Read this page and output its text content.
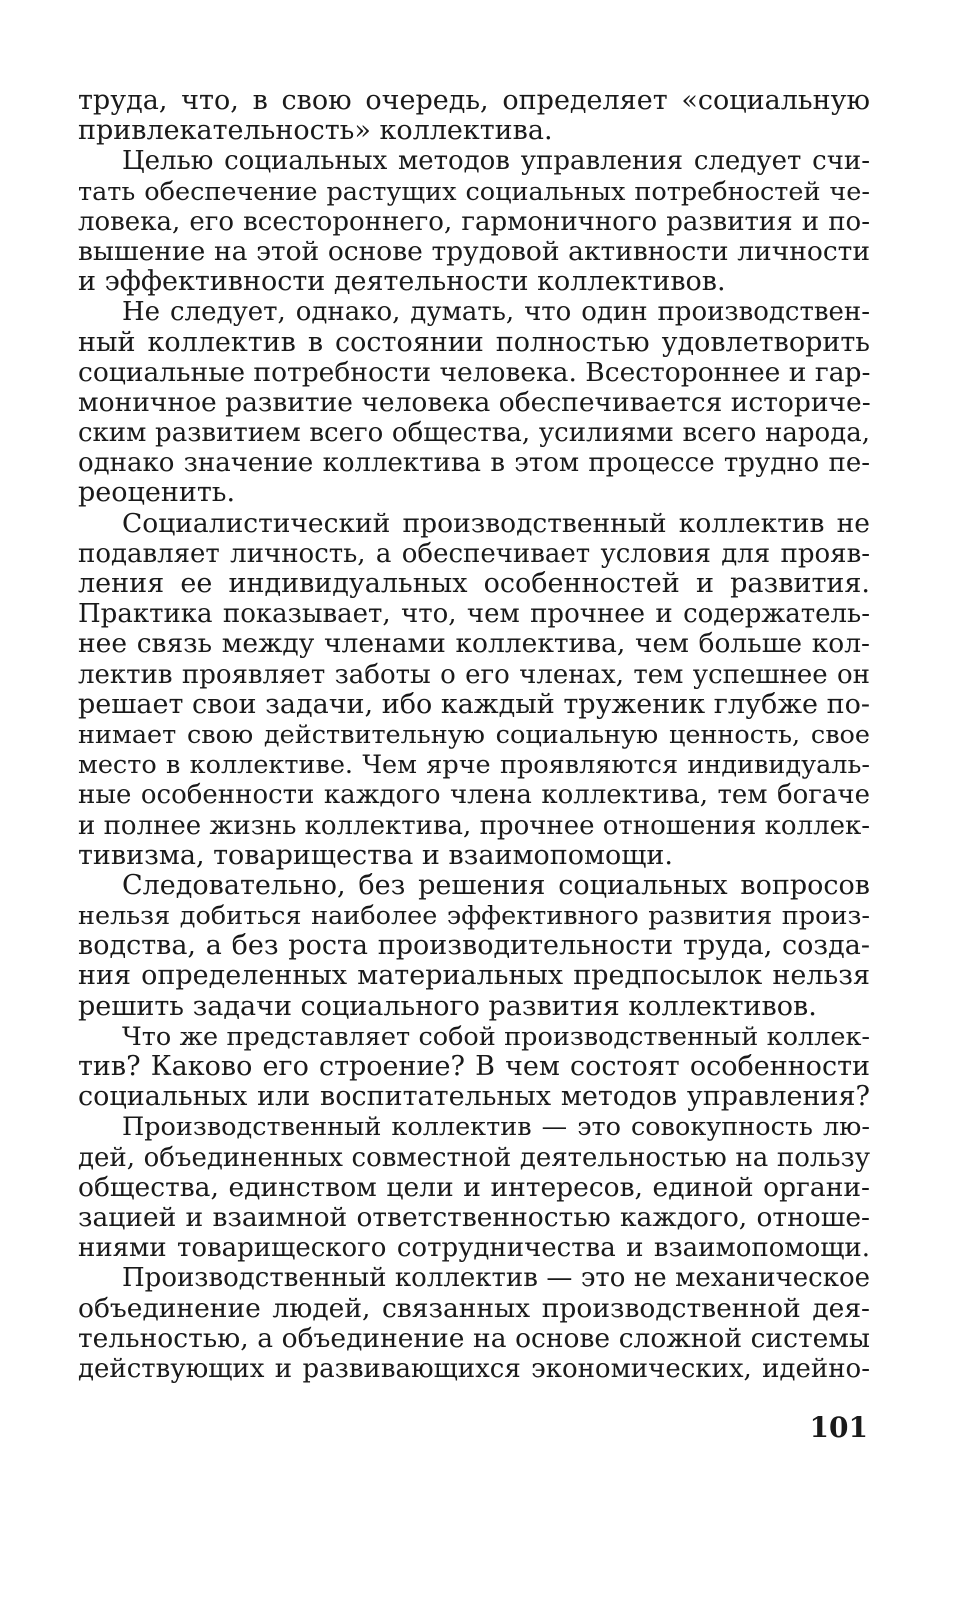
труда, что, в свою очередь, определяет «социальную
привлекательность» коллектива.
Целью социальных методов управления следует счи-
тать обеспечение растущих социальных потребностей че-
ловека, его всестороннего, гармоничного развития и по-
вышение на этой основе трудовой активности личности
и эффективности деятельности коллективов.
Не следует, однако, думать, что один производствен-
ный коллектив в состоянии полностью удовлетворить
социальные потребности человека. Всестороннее и гар-
моничное развитие человека обеспечивается историче-
ским развитием всего общества, усилиями всего народа,
однако значение коллектива в этом процессе трудно пе-
реоценить.
Социалистический производственный коллектив не
подавляет личность, а обеспечивает условия для прояв-
ления ее индивидуальных особенностей и развития.
Практика показывает, что, чем прочнее и содержатель-
нее связь между членами коллектива, чем больше кол-
лектив проявляет заботы о его членах, тем успешнее он
решает свои задачи, ибо каждый труженик глубже по-
нимает свою действительную социальную ценность, свое
место в коллективе. Чем ярче проявляются индивидуаль-
ные особенности каждого члена коллектива, тем богаче
и полнее жизнь коллектива, прочнее отношения коллек-
тивизма, товарищества и взаимопомощи.
Следовательно, без решения социальных вопросов
нельзя добиться наиболее эффективного развития произ-
водства, а без роста производительности труда, созда-
ния определенных материальных предпосылок нельзя
решить задачи социального развития коллективов.
Что же представляет собой производственный коллек-
тив? Каково его строение? В чем состоят особенности
социальных или воспитательных методов управления?
Производственный коллектив — это совокупность лю-
дей, объединенных совместной деятельностью на пользу
общества, единством цели и интересов, единой органи-
зацией и взаимной ответственностью каждого, отноше-
ниями товарищеского сотрудничества и взаимопомощи.
Производственный коллектив — это не механическое
объединение людей, связанных производственной дея-
тельностью, а объединение на основе сложной системы
действующих и развивающихся экономических, идейно-
101
